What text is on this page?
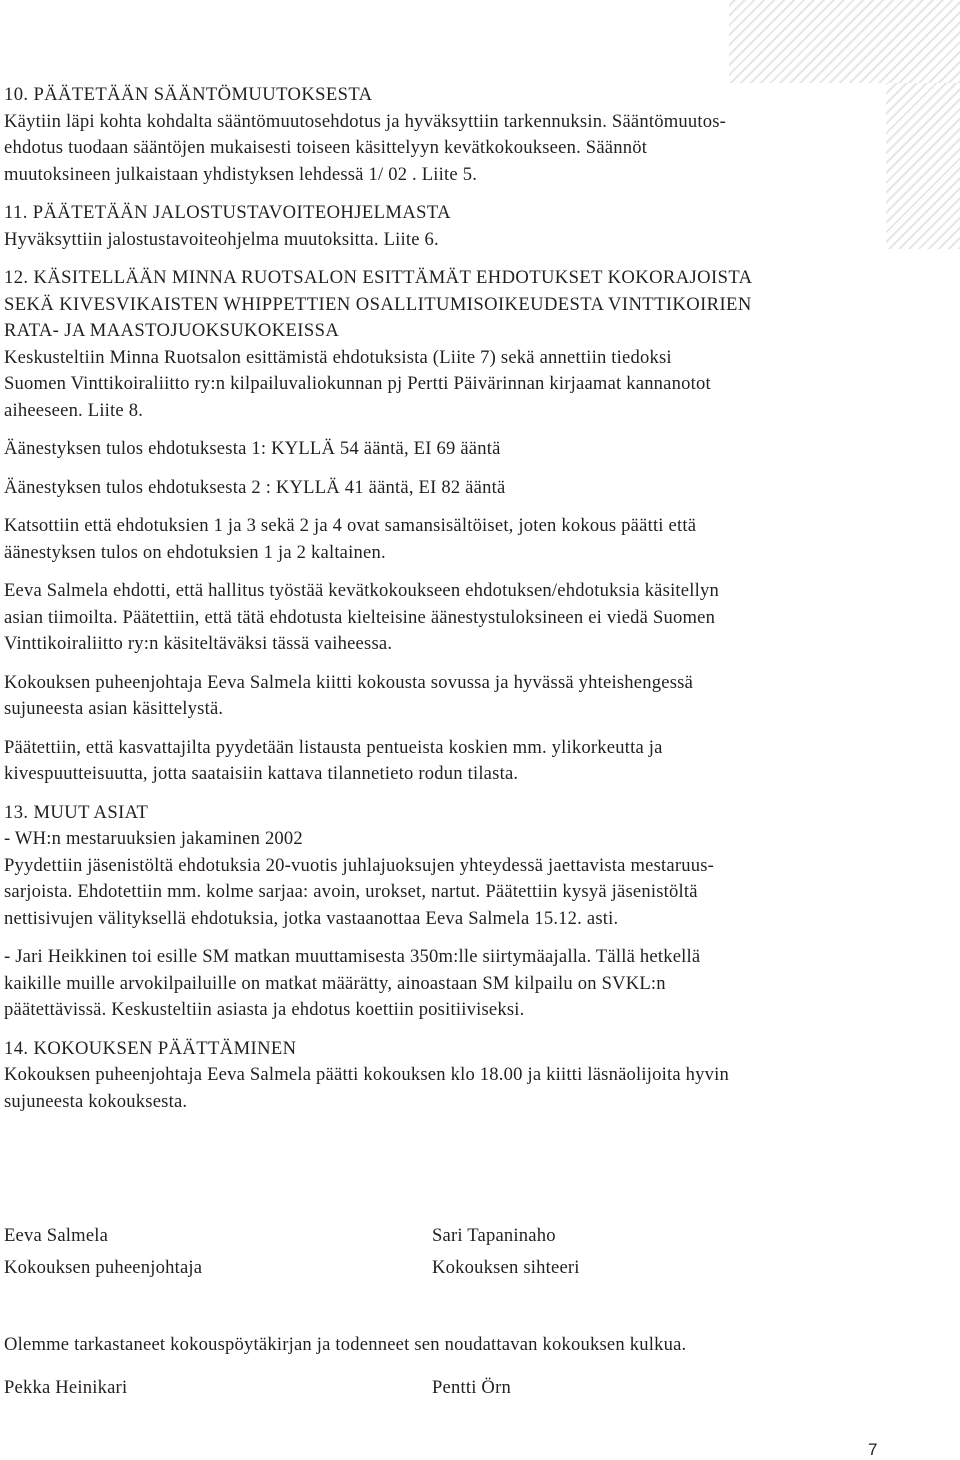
10. PÄÄTETÄÄN SÄÄNTÖMUUTOKSESTA
Käytiin läpi kohta kohdalta sääntömuutosehdotus ja hyväksyttiin tarkennuksin. Sääntömuutos-
ehdotus tuodaan sääntöjen mukaisesti toiseen käsittelyyn kevätkokoukseen. Säännöt
muutoksineen julkaistaan yhdistyksen lehdessä 1/ 02 . Liite 5.
11. PÄÄTETÄÄN JALOSTUSTAVOITEOHJELMASTA
Hyväksyttiin jalostustavoiteohjelma muutoksitta. Liite 6.
12. KÄSITELLÄÄN MINNA RUOTSALON ESITTÄMÄT EHDOTUKSET KOKORAJOISTA
SEKÄ KIVESVIKAISTEN WHIPPETTIEN OSALLITUMISOIKEUDESTA VINTTIKOIRIEN
RATA- JA MAASTOJUOKSUKOKEISSA
Keskusteltiin Minna Ruotsalon esittämistä ehdotuksista (Liite 7) sekä annettiin tiedoksi
Suomen Vinttikoiraliitto ry:n kilpailuvaliokunnan pj Pertti Päivärinnan kirjaamat kannanotot
aiheeseen. Liite 8.
Äänestyksen tulos ehdotuksesta 1: KYLLÄ 54 ääntä, EI 69 ääntä
Äänestyksen tulos ehdotuksesta 2 : KYLLÄ 41 ääntä, EI 82 ääntä
Katsottiin että ehdotuksien 1 ja 3 sekä 2 ja 4 ovat samansisältöiset, joten kokous päätti että
äänestyksen tulos on ehdotuksien 1 ja 2 kaltainen.
Eeva Salmela ehdotti, että hallitus työstää kevätkokoukseen ehdotuksen/ehdotuksia käsitellyn
asian tiimoilta. Päätettiin, että tätä ehdotusta kielteisine äänestystuloksineen ei viedä Suomen
Vinttikoiraliitto ry:n käsiteltäväksi tässä vaiheessa.
Kokouksen puheenjohtaja Eeva Salmela kiitti kokousta sovussa ja hyvässä yhteishengessä
sujuneesta asian käsittelystä.
Päätettiin, että kasvattajilta pyydetään listausta pentueista koskien mm. ylikorkeutta ja
kivespuutteisuutta, jotta saataisiin kattava tilannetieto rodun tilasta.
13. MUUT ASIAT
- WH:n mestaruuksien jakaminen 2002
Pyydettiin jäsenistöltä ehdotuksia 20-vuotis juhlajuoksujen yhteydessä jaettavista mestaruus-
sarjoista. Ehdotettiin mm. kolme sarjaa: avoin, urokset, nartut. Päätettiin kysyä jäsenistöltä
nettisivujen välityksellä ehdotuksia, jotka vastaanottaa Eeva Salmela 15.12. asti.
- Jari Heikkinen toi esille SM matkan muuttamisesta 350m:lle siirtymäajalla. Tällä hetkellä
kaikille muille arvokilpailuille on matkat määrätty, ainoastaan SM kilpailu on SVKL:n
päätettävissä. Keskusteltiin asiasta ja ehdotus koettiin positiiviseksi.
14. KOKOUKSEN PÄÄTTÄMINEN
Kokouksen puheenjohtaja Eeva Salmela päätti kokouksen klo 18.00 ja kiitti läsnäolijoita hyvin
sujuneesta kokouksesta.
Eeva Salmela
Kokouksen puheenjohtaja
Sari Tapaninaho
Kokouksen sihteeri
Olemme tarkastaneet kokouspöytäkirjan ja todenneet sen noudattavan kokouksen kulkua.
Pekka Heinikari	Pentti Örn
7
